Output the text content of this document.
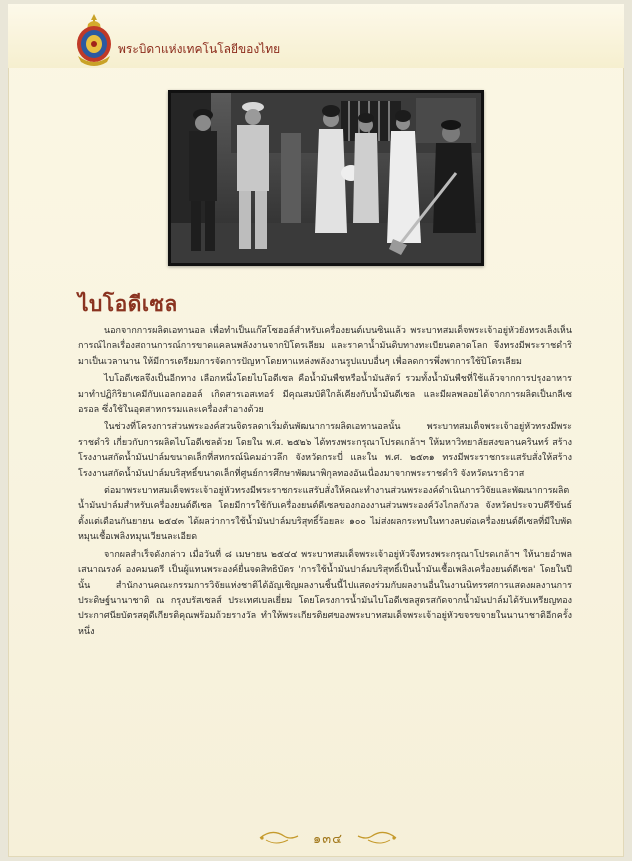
พระบิดาแห่งเทคโนโลยีของไทย
ไบโอดีเซล

นอกจากการผลิตเอทานอล เพื่อทำเป็นแก๊สโซฮอล์สำหรับเครื่องยนต์เบนซินแล้ว พระบาทสมเด็จพระเจ้าอยู่หัวยังทรงเล็งเห็นการณ์ไกลเรื่องสถานการณ์การขาดแคลนพลังงานจากปิโตรเลียม และราคาน้ำมันดิบทางทะเบียนตลาดโลก จึงทรงมีพระราชดำริมาเป็นเวลานาน ให้มีการเตรียมการจัดการปัญหาโดยหาแหล่งพลังงานรูปแบบอื่นๆ เพื่อลดการพึ่งพาการใช้ปิโตรเลียม

ไบโอดีเซลจึงเป็นอีกทาง เลือกหนึ่งโดยไบโอดีเซล คือน้ำมันพืชหรือน้ำมันสัตว์ รวมทั้งน้ำมันพืชที่ใช้แล้วจากการปรุงอาหาร มาทำปฏิกิริยาเคมีกับแอลกอฮอล์ เกิดสารเอสเทอร์ มีคุณสมบัติใกล้เคียงกับน้ำมันดีเซล และมีผลพลอยได้จากการผลิตเป็นกลีเซอรอล ซึ่งใช้ในอุตสาหกรรมและเครื่องสำอางด้วย

ในช่วงที่โครงการส่วนพระองค์สวนจิตรลดาเริ่มต้นพัฒนาการผลิตเอทานอลนั้น พระบาทสมเด็จพระเจ้าอยู่หัวทรงมีพระราชดำริ เกี่ยวกับการผลิตไบโอดีเซลด้วย โดยใน พ.ศ. ๒๕๒๖ ได้ทรงพระกรุณาโปรดเกล้าฯ ให้มหาวิทยาลัยสงขลานครินทร์ สร้างโรงงานสกัดน้ำมันปาล์มขนาดเล็กที่สหกรณ์นิคมอ่าวลึก จังหวัดกระบี่ และใน พ.ศ. ๒๕๓๑ ทรงมีพระราชกระแสรับสั่งให้สร้างโรงงานสกัดน้ำมันปาล์มบริสุทธิ์ขนาดเล็กที่ศูนย์การศึกษาพัฒนาพิกุลทองอันเนื่องมาจากพระราชดำริ จังหวัดนราธิวาส

ต่อมาพระบาทสมเด็จพระเจ้าอยู่หัวทรงมีพระราชกระแสรับสั่งให้คณะทำงานส่วนพระองค์ดำเนินการวิจัยและพัฒนาการผลิตน้ำมันปาล์มสำหรับเครื่องยนต์ดีเซล โดยมีการใช้กับเครื่องยนต์ดีเซลของกองงานส่วนพระองค์วังไกลกังวล จังหวัดประจวบคีรีขันธ์ ตั้งแต่เดือนกันยายน ๒๕๔๓ ได้ผลว่าการใช้น้ำมันปาล์มบริสุทธิ์ร้อยละ ๑๐๐ ไม่ส่งผลกระทบในทางลบต่อเครื่องยนต์ดีเซลที่มีใบพัดหมุนเชื้อเพลิงหมุนเวียนละเอียด

จากผลสำเร็จดังกล่าว เมื่อวันที่ ๘ เมษายน ๒๕๔๔ พระบาทสมเด็จพระเจ้าอยู่หัวจึงทรงพระกรุณาโปรดเกล้าฯ ให้นายอำพล เสนาณรงค์ องคมนตรี เป็นผู้แทนพระองค์ยื่นจดสิทธิบัตร 'การใช้น้ำมันปาล์มบริสุทธิ์เป็นน้ำมันเชื้อเพลิงเครื่องยนต์ดีเซล' โดยในปีนั้น สำนักงานคณะกรรมการวิจัยแห่งชาติได้อัญเชิญผลงานชิ้นนี้ไปแสดงร่วมกับผลงานอื่นในงานนิทรรศการแสดงผลงานการประดิษฐ์นานาชาติ ณ กรุงบรัสเซลส์ ประเทศเบลเยี่ยม โดยโครงการน้ำมันไบโอดีเซลสูตรสกัดจากน้ำมันปาล์มได้รับเหรียญทองประกาศนียบัตรสดุดีเกียรติคุณพร้อมถ้วยรางวัล ทำให้พระเกียรติยศของพระบาทสมเด็จพระเจ้าอยู่หัวขจรขจายในนานาชาติอีกครั้งหนึ่ง

๑๓๔
